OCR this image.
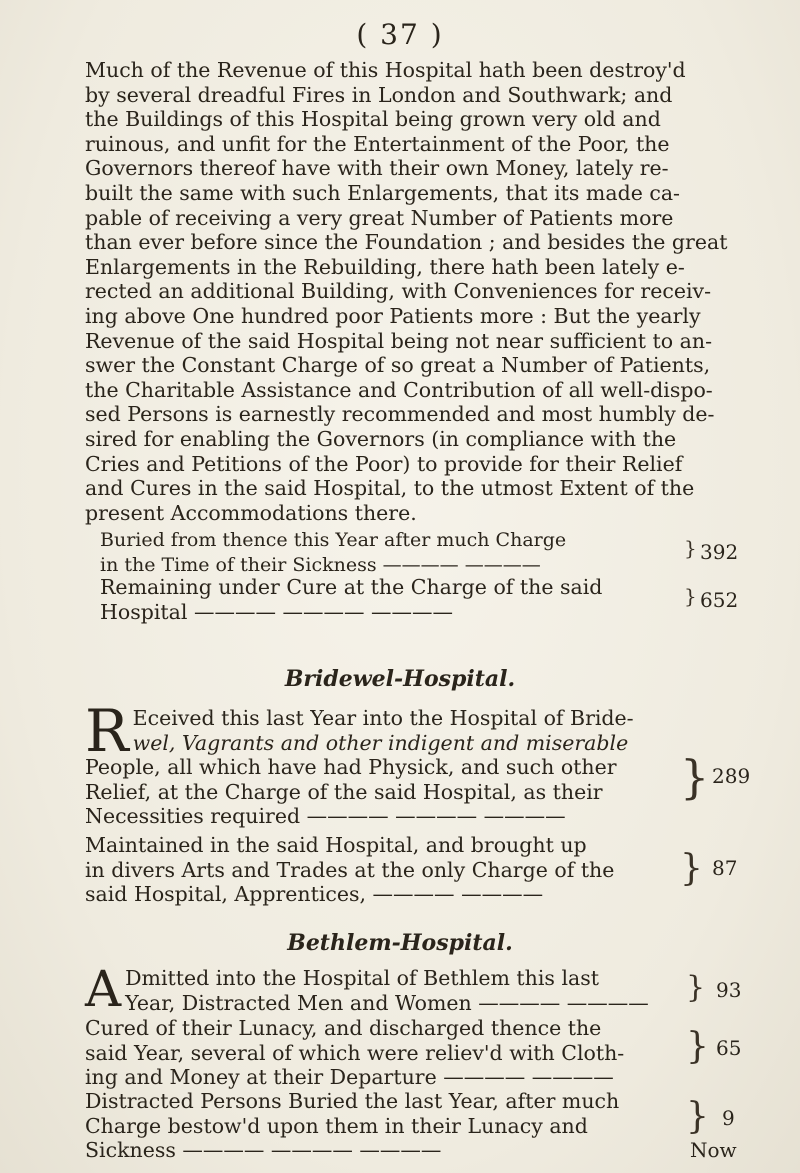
( 37 )
Much of the Revenue of this Hospital hath been destroy'd
by several dreadful Fires in London and Southwark; and
the Buildings of this Hospital being grown very old and
ruinous, and unfit for the Entertainment of the Poor, the
Governors thereof have with their own Money, lately re-
built the same with such Enlargements, that its made ca-
pable of receiving a very great Number of Patients more
than ever before since the Foundation ; and besides the great
Enlargements in the Rebuilding, there hath been lately e-
rected an additional Building, with Conveniences for receiv-
ing above One hundred poor Patients more : But the yearly
Revenue of the said Hospital being not near sufficient to an-
swer the Constant Charge of so great a Number of Patients,
the Charitable Assistance and Contribution of all well-dispo-
sed Persons is earnestly recommended and most humbly de-
sired for enabling the Governors (in compliance with the
Cries and Petitions of the Poor) to provide for their Relief
and Cures in the said Hospital, to the utmost Extent of the
present Accommodations there.
Buried from thence this Year after much Charge
in the Time of their Sickness ———— ————
} 392
Remaining under Cure at the Charge of the said
Hospital ———— ———— ————
} 652
Bridewel-Hospital.
R Eceived this last Year into the Hospital of Bride-
wel, Vagrants and other indigent and miserable
People, all which have had Physick, and such other
Relief, at the Charge of the said Hospital, as their
Necessities required ———— ———— ————
} 289
Maintained in the said Hospital, and brought up
in divers Arts and Trades at the only Charge of the
said Hospital, Apprentices, ———— ————
} 87
Bethlem-Hospital.
A Dmitted into the Hospital of Bethlem this last
Year, Distracted Men and Women ———— ————	} 93
Cured of their Lunacy, and discharged thence the
said Year, several of which were reliev'd with Cloth-
ing and Money at their Departure ———— ————
} 65
Distracted Persons Buried the last Year, after much
Charge bestow'd upon them in their Lunacy and
Sickness ———— ———— ————
} 9
Now
